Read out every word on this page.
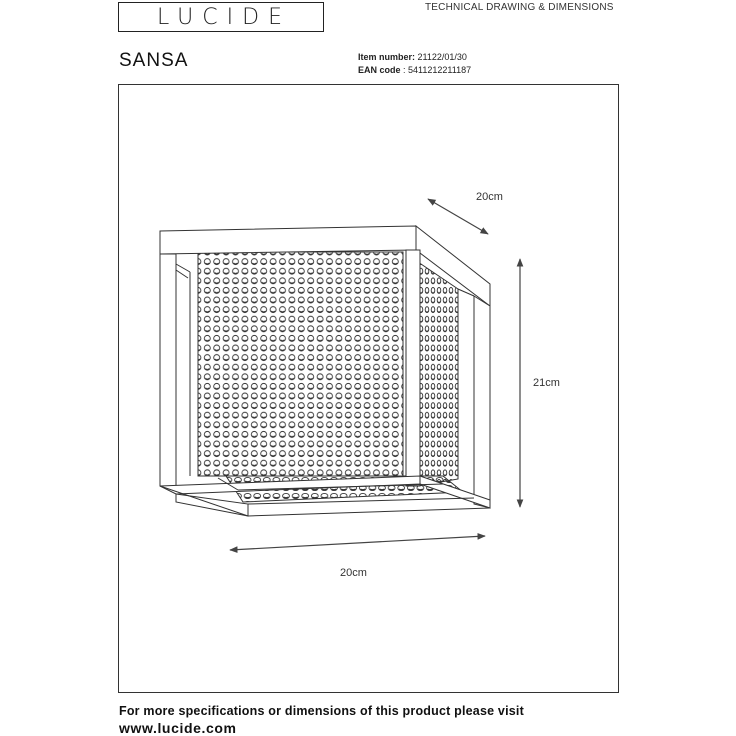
LUCIDE	TECHNICAL DRAWING & DIMENSIONS
SANSA	Item number: 21122/01/30
EAN code : 5411212211187
20cm
21cm
20cm
For more specifications or dimensions of this product please visit
www.lucide.com
